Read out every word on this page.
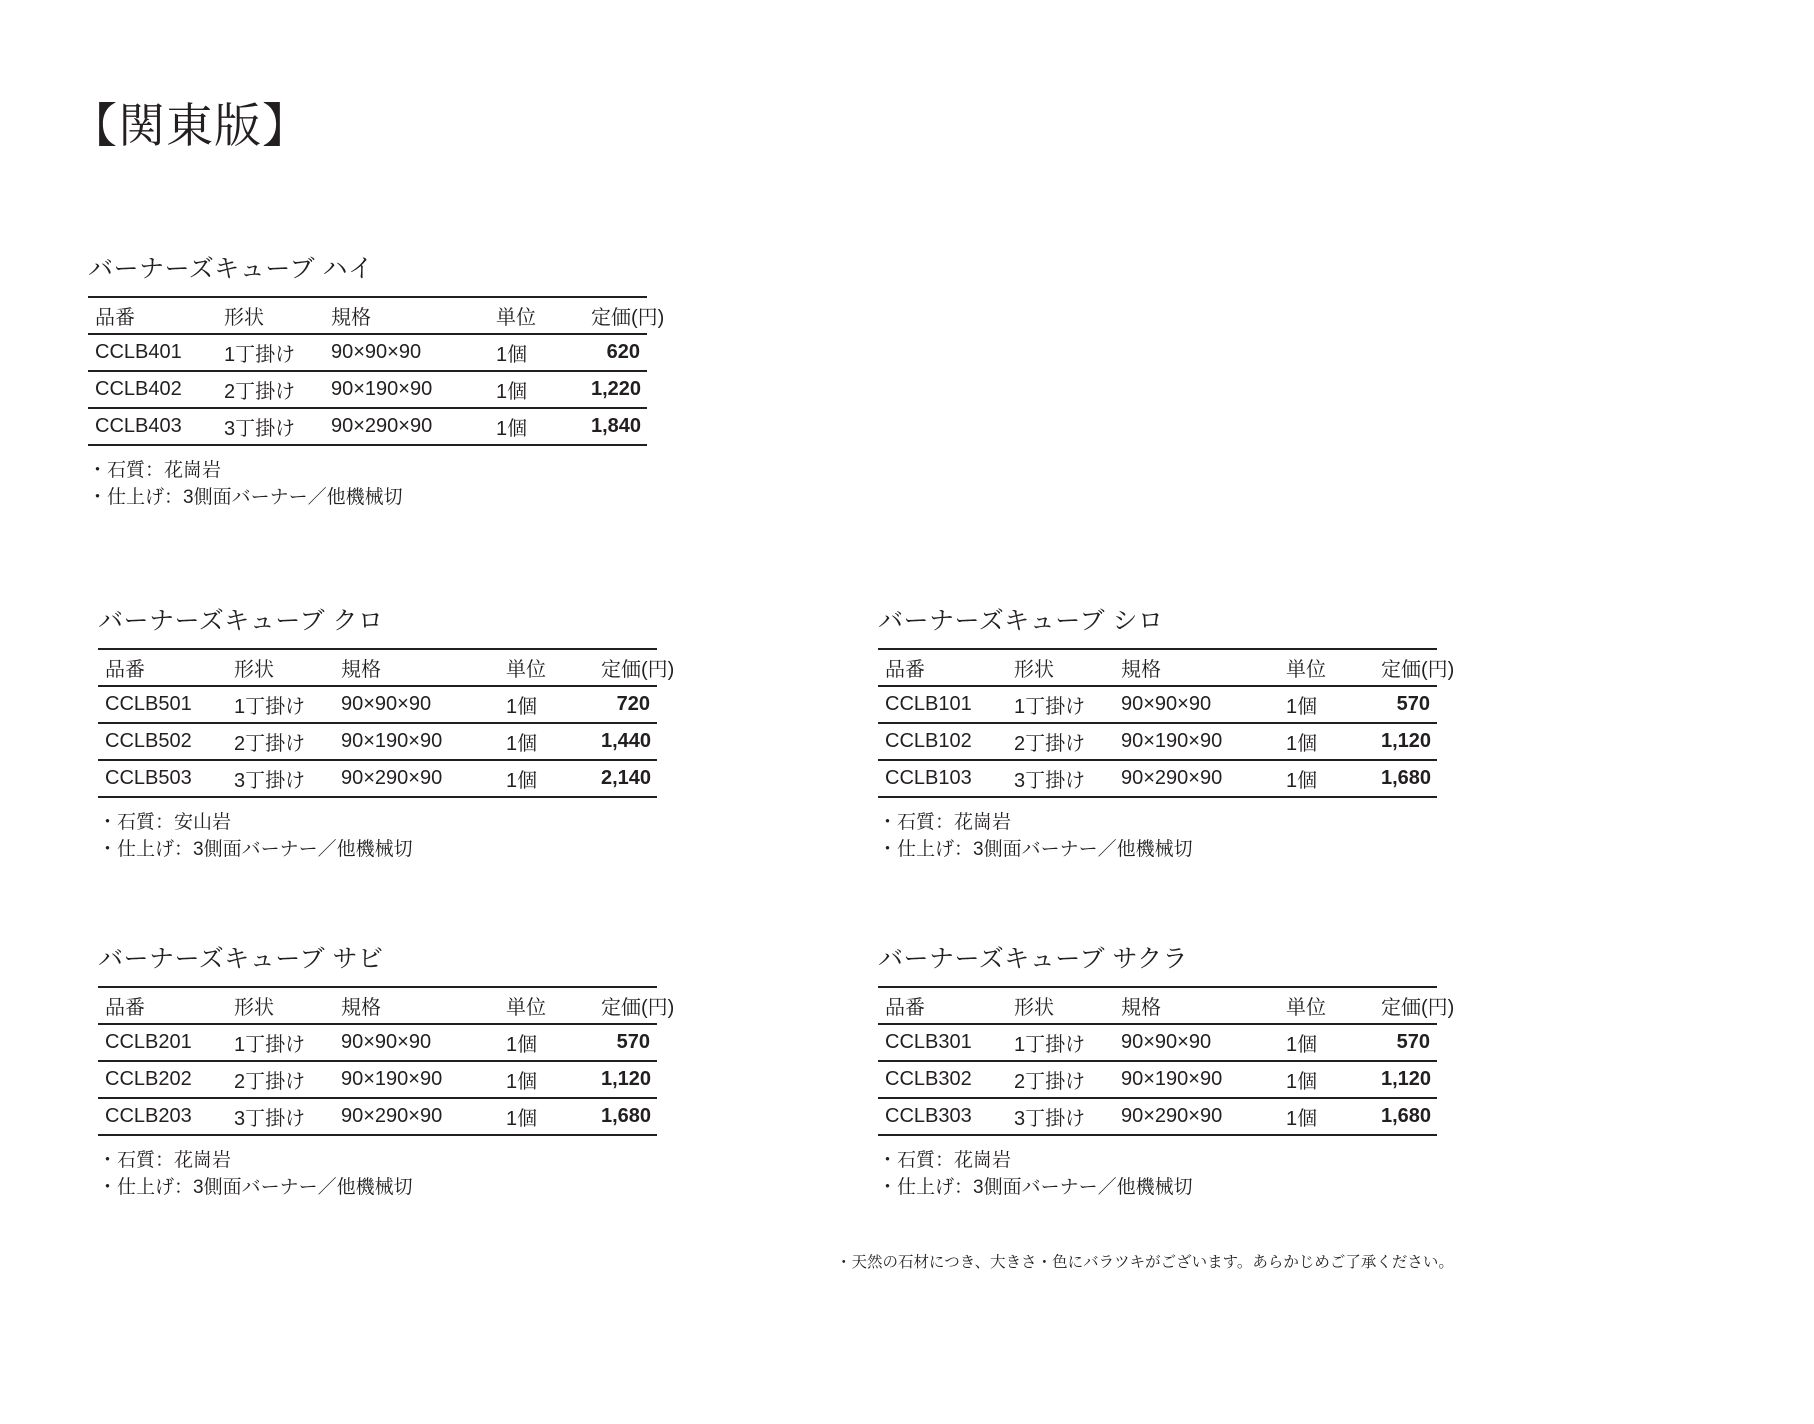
【関東版】
バーナーズキューブ ハイ
品番	形状	規格	単位	定価(円)
CCLB401	1丁掛け	90×90×90	1個	620
CCLB402	2丁掛け	90×190×90	1個	1,220
CCLB403	3丁掛け	90×290×90	1個	1,840
・石質：花崗岩
・仕上げ：3側面バーナー／他機械切
バーナーズキューブ クロ
品番	形状	規格	単位	定価(円)
CCLB501	1丁掛け	90×90×90	1個	720
CCLB502	2丁掛け	90×190×90	1個	1,440
CCLB503	3丁掛け	90×290×90	1個	2,140
・石質：安山岩
・仕上げ：3側面バーナー／他機械切
バーナーズキューブ シロ
品番	形状	規格	単位	定価(円)
CCLB101	1丁掛け	90×90×90	1個	570
CCLB102	2丁掛け	90×190×90	1個	1,120
CCLB103	3丁掛け	90×290×90	1個	1,680
・石質：花崗岩
・仕上げ：3側面バーナー／他機械切
バーナーズキューブ サビ
品番	形状	規格	単位	定価(円)
CCLB201	1丁掛け	90×90×90	1個	570
CCLB202	2丁掛け	90×190×90	1個	1,120
CCLB203	3丁掛け	90×290×90	1個	1,680
・石質：花崗岩
・仕上げ：3側面バーナー／他機械切
バーナーズキューブ サクラ
品番	形状	規格	単位	定価(円)
CCLB301	1丁掛け	90×90×90	1個	570
CCLB302	2丁掛け	90×190×90	1個	1,120
CCLB303	3丁掛け	90×290×90	1個	1,680
・石質：花崗岩
・仕上げ：3側面バーナー／他機械切

・天然の石材につき、大きさ・色にバラツキがございます。あらかじめご了承ください。
